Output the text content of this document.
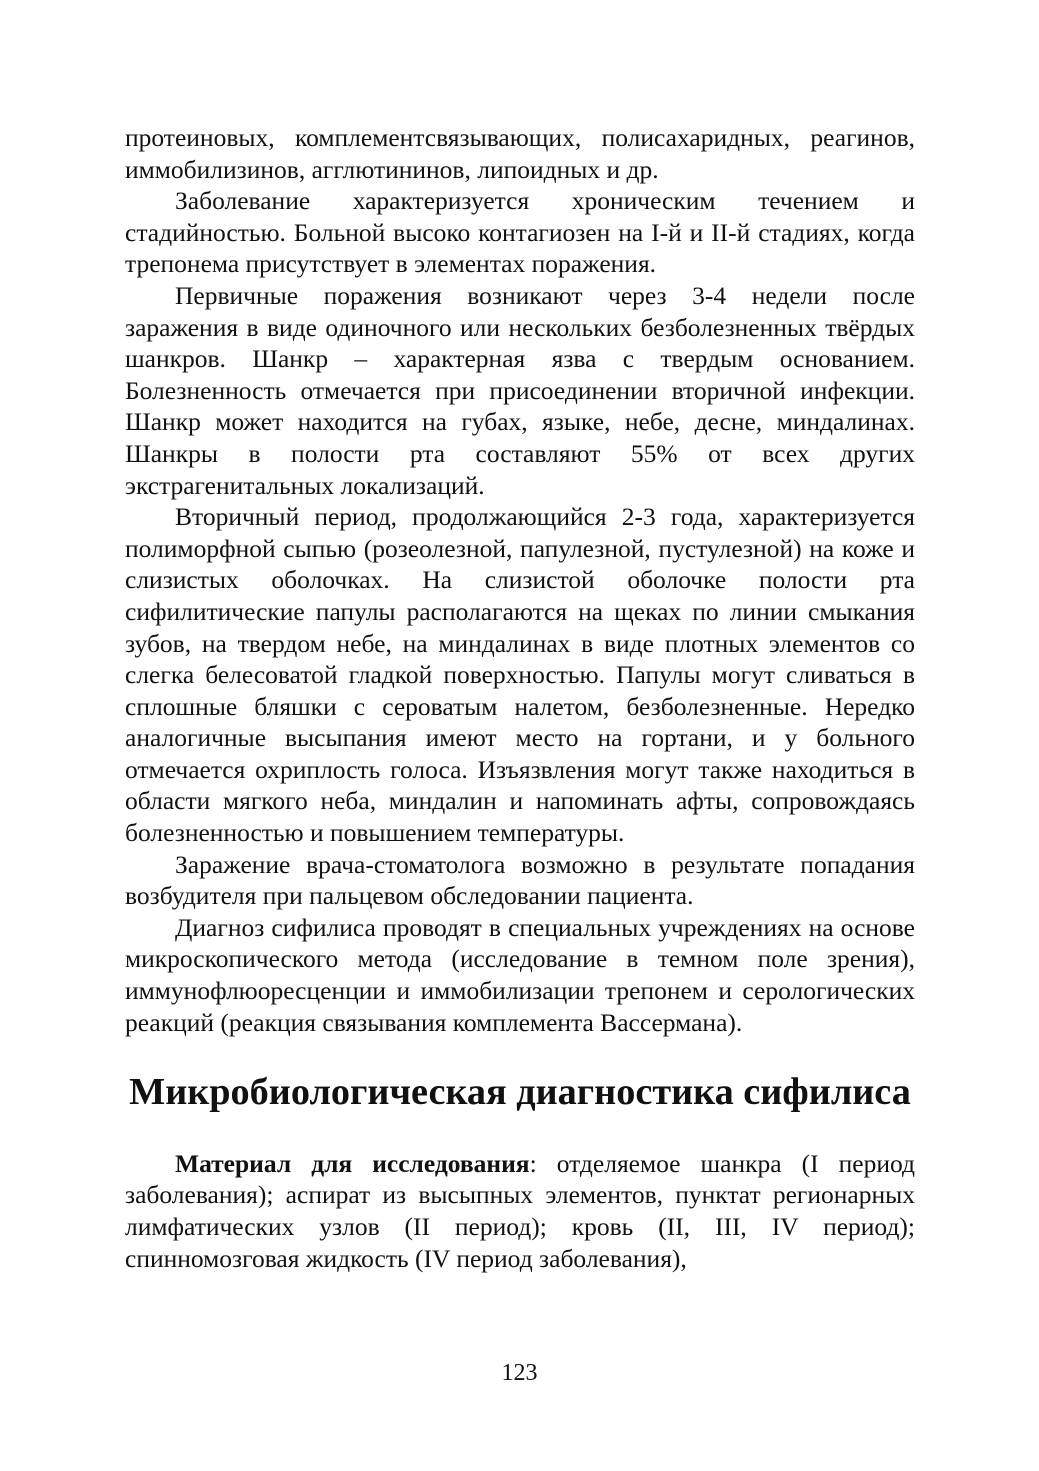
протеиновых, комплементсвязывающих, полисахаридных, реагинов, иммобилизинов, агглютининов, липоидных и др.

Заболевание характеризуется хроническим течением и стадийностью. Больной высоко контагиозен на I-й и II-й стадиях, когда трепонема присутствует в элементах поражения.

Первичные поражения возникают через 3-4 недели после заражения в виде одиночного или нескольких безболезненных твёрдых шанкров. Шанкр – характерная язва с твердым основанием. Болезненность отмечается при присоединении вторичной инфекции. Шанкр может находится на губах, языке, небе, десне, миндалинах. Шанкры в полости рта составляют 55% от всех других экстрагенитальных локализаций.

Вторичный период, продолжающийся 2-3 года, характеризуется полиморфной сыпью (розеолезной, папулезной, пустулезной) на коже и слизистых оболочках. На слизистой оболочке полости рта сифилитические папулы располагаются на щеках по линии смыкания зубов, на твердом небе, на миндалинах в виде плотных элементов со слегка белесоватой гладкой поверхностью. Папулы могут сливаться в сплошные бляшки с сероватым налетом, безболезненные. Нередко аналогичные высыпания имеют место на гортани, и у больного отмечается охриплость голоса. Изъязвления могут также находиться в области мягкого неба, миндалин и напоминать афты, сопровождаясь болезненностью и повышением температуры.

Заражение врача-стоматолога возможно в результате попадания возбудителя при пальцевом обследовании пациента.

Диагноз сифилиса проводят в специальных учреждениях на основе микроскопического метода (исследование в темном поле зрения), иммунофлюоресценции и иммобилизации трепонем и серологических реакций (реакция связывания комплемента Вассермана).

Микробиологическая диагностика сифилиса

Материал для исследования: отделяемое шанкра (I период заболевания); аспират из высыпных элементов, пунктат регионарных лимфатических узлов (II период); кровь (II, III, IV период); спинномозговая жидкость (IV период заболевания),

123
